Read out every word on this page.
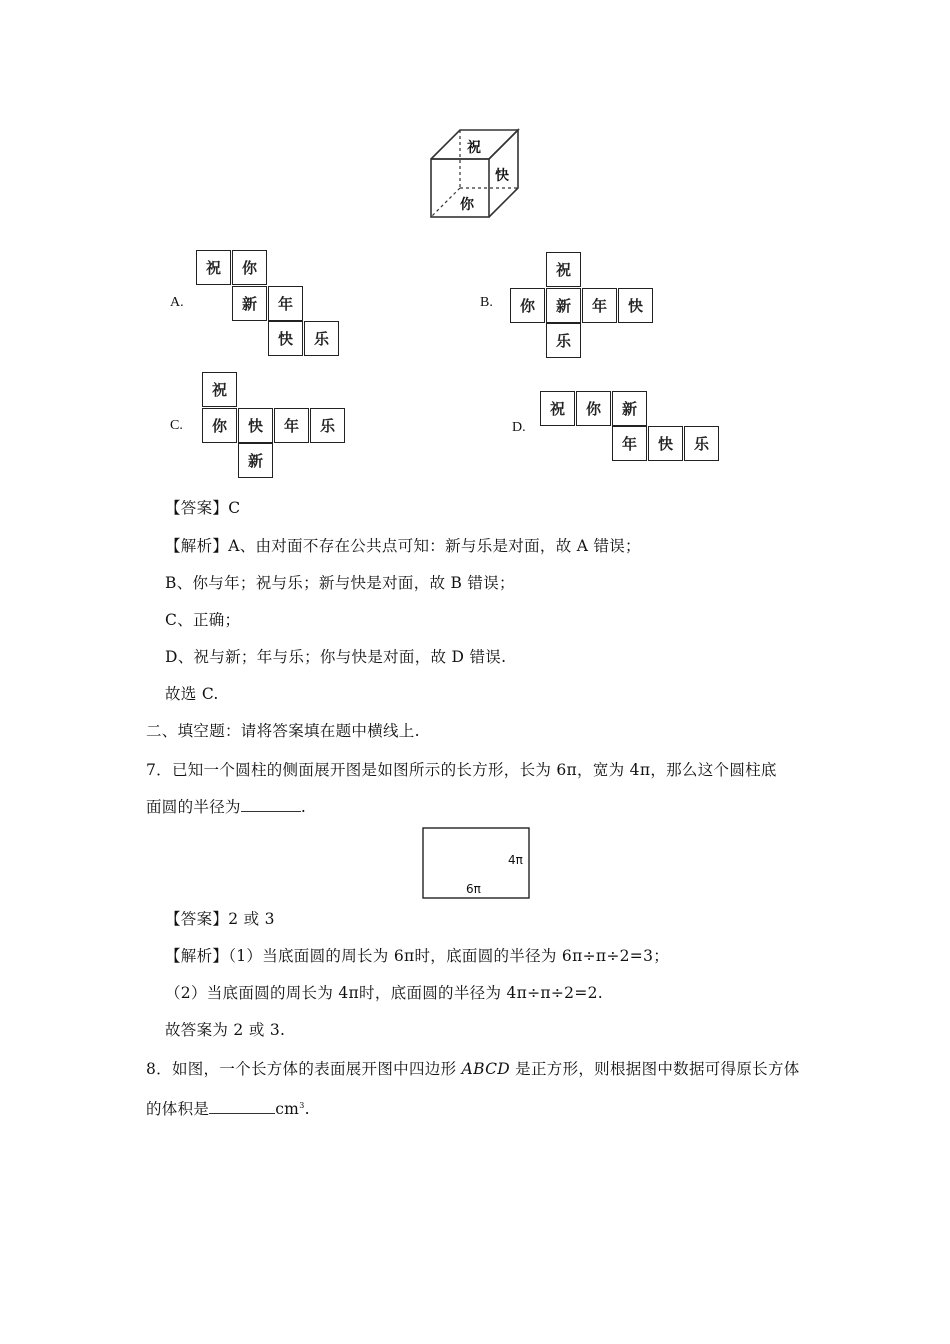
祝
快
你
A.
祝	你
新	年
快	乐
B.
祝
你	新	年	快
乐
C.
祝
你	快	年	乐
新
D.
祝	你	新
年	快	乐
【答案】C
【解析】A、由对面不存在公共点可知：新与乐是对面，故 A 错误；
B、你与年；祝与乐；新与快是对面，故 B 错误；
C、正确；
D、祝与新；年与乐；你与快是对面，故 D 错误.
故选 C.
二、填空题：请将答案填在题中横线上.
7．已知一个圆柱的侧面展开图是如图所示的长方形，长为 6π，宽为 4π，那么这个圆柱底
面圆的半径为	.
4π
6π
【答案】2 或 3
【解析】（1）当底面圆的周长为 6π时，底面圆的半径为 6π÷π÷2=3；
（2）当底面圆的周长为 4π时，底面圆的半径为 4π÷π÷2=2.
故答案为 2 或 3.
8．如图，一个长方体的表面展开图中四边形 ABCD 是正方形，则根据图中数据可得原长方体
的体积是	$cm^3$.
